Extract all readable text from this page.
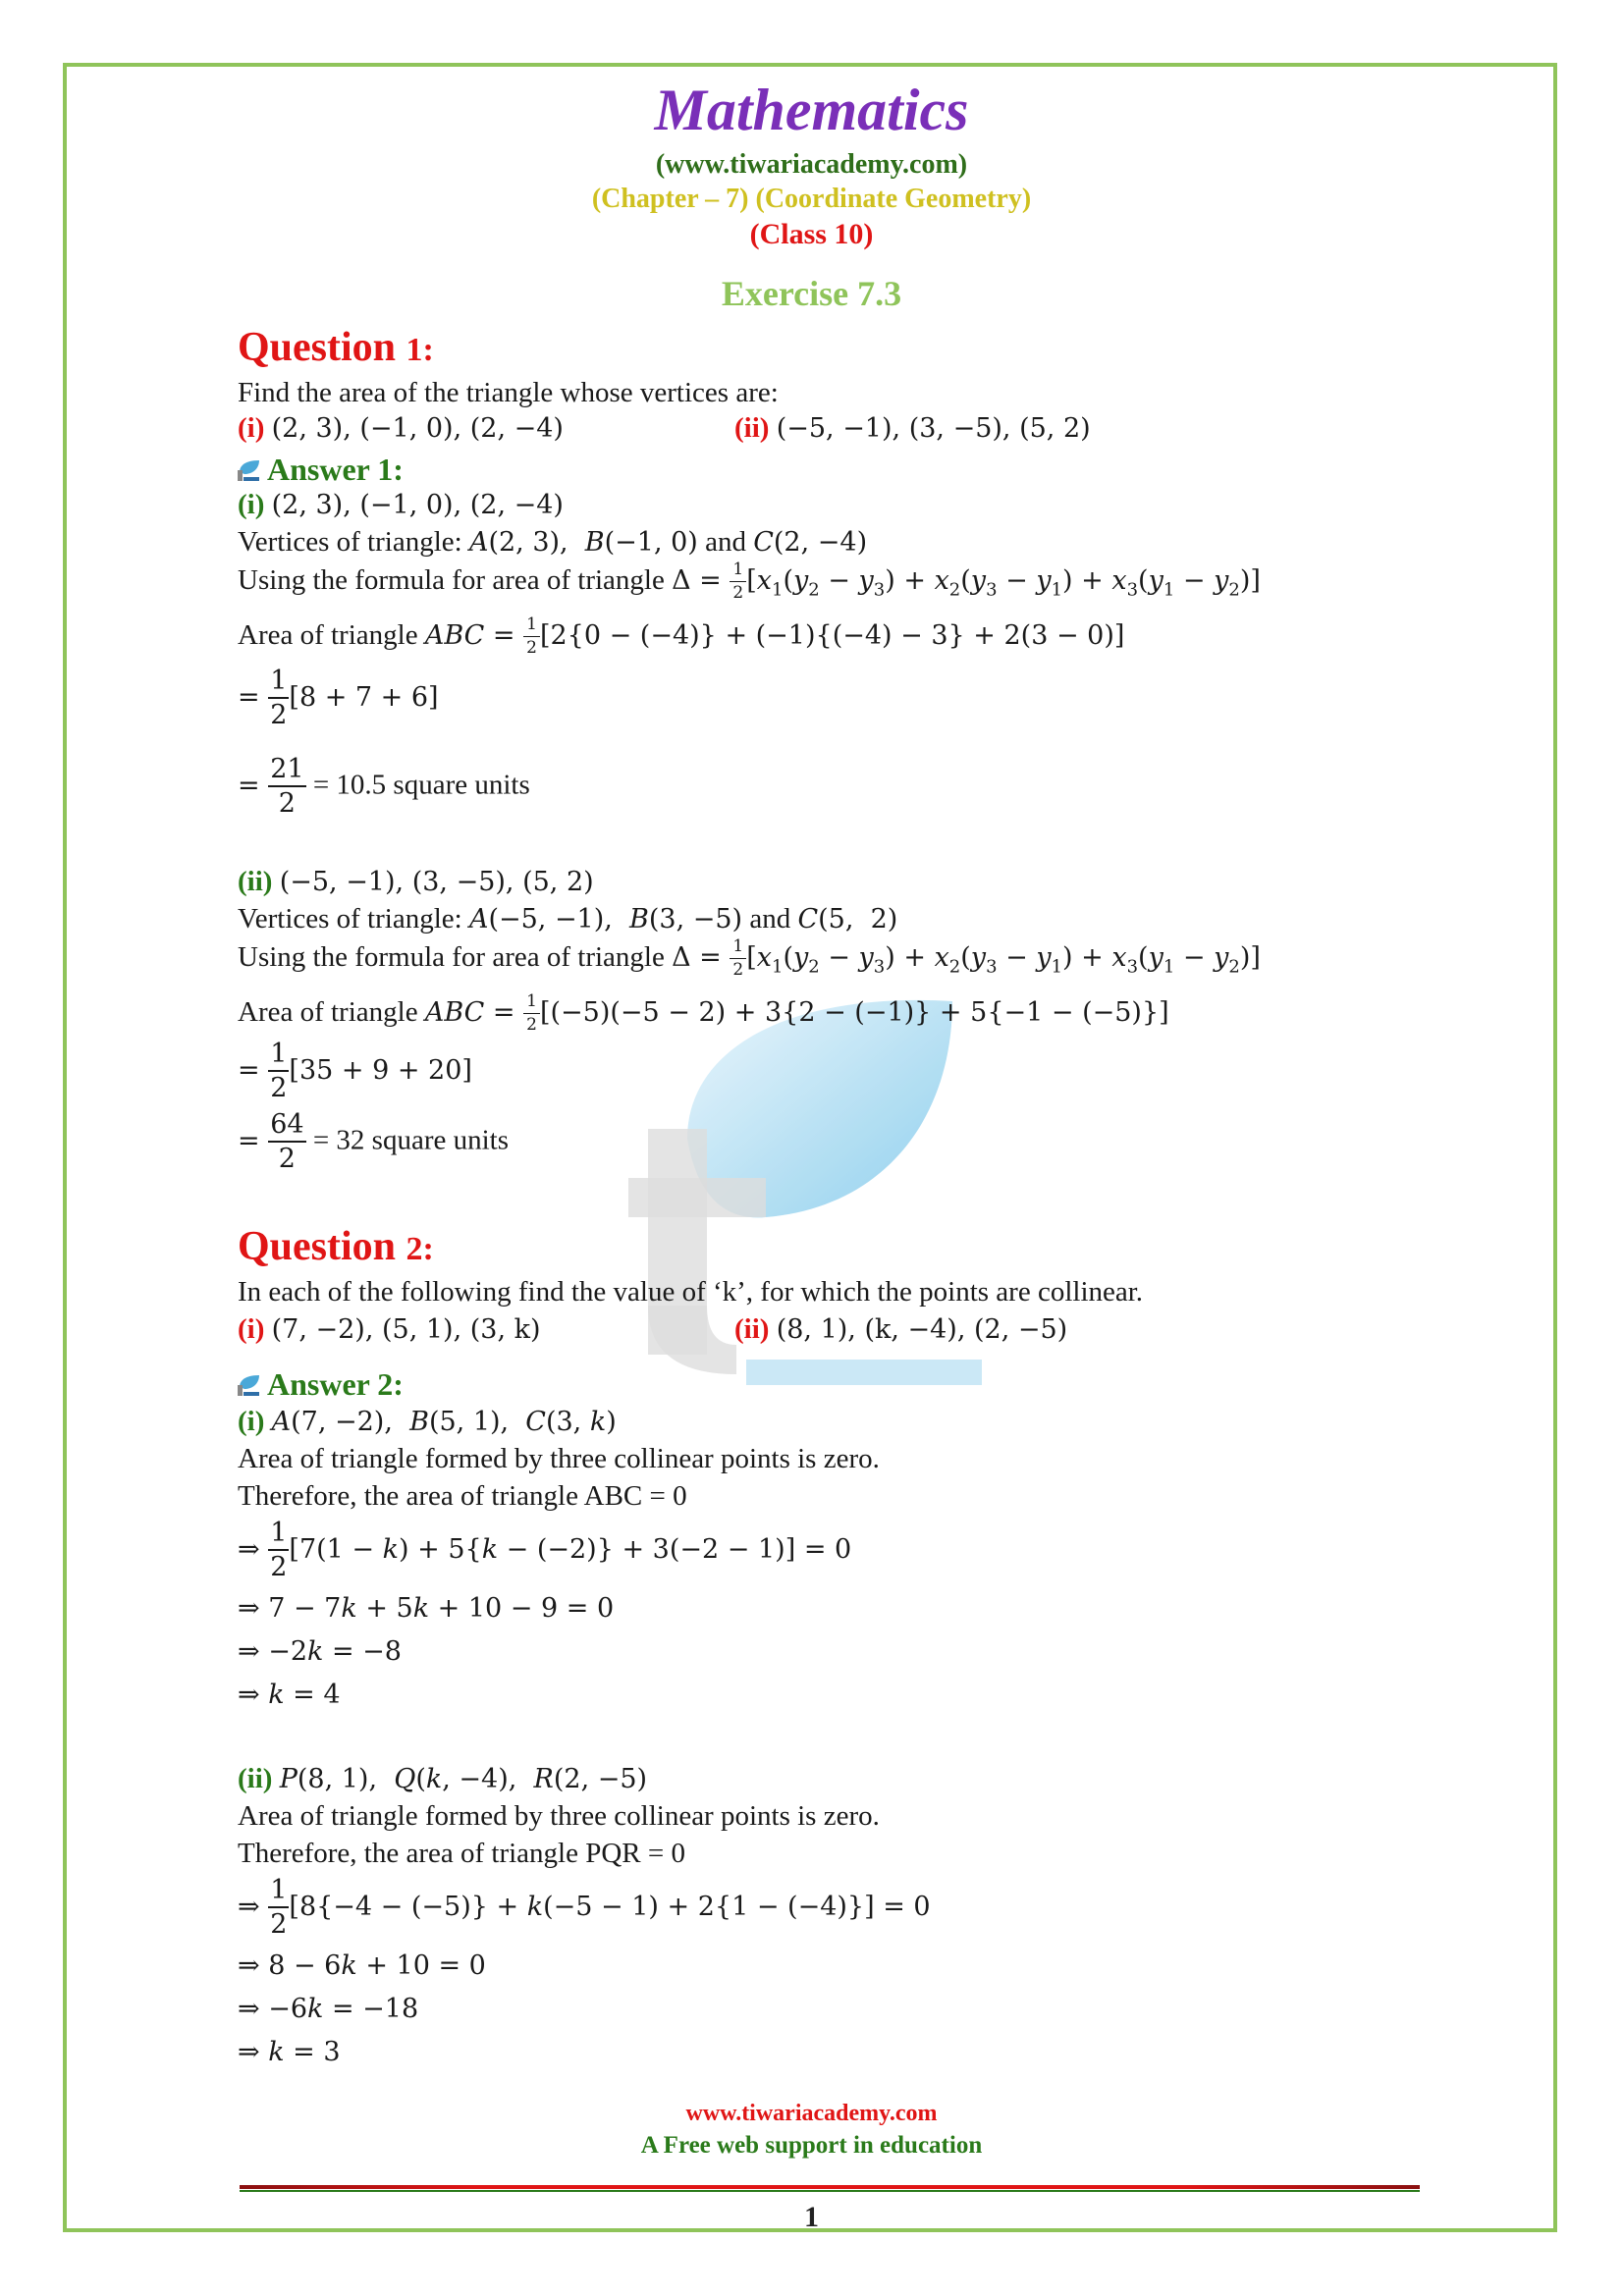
Mathematics
(www.tiwariacademy.com)
(Chapter – 7) (Coordinate Geometry)
(Class 10)
Exercise 7.3
Question 1:
Find the area of the triangle whose vertices are:
(i) (2, 3), (−1, 0), (2, −4)	(ii) (−5, −1), (3, −5), (5, 2)
Answer 1:
(i) (2, 3), (−1, 0), (2, −4)
Vertices of triangle: A(2, 3),  B(−1, 0) and C(2, −4)
Using the formula for area of triangle $\Delta = \frac{1}{2} [x_1(y_2 - y_3) + x_2(y_3 - y_1) + x_3(y_1 - y_2)]$
Area of triangle ABC = $\frac{1}{2} [2\{0 - (-4)\} + (-1)\{(-4) - 3\} + 2(3 - 0)]$
= $\frac{1}{2} [8 + 7 + 6]$
= $\frac{21}{2} = 10.5$ square units
(ii) (−5, −1), (3, −5), (5, 2)
Vertices of triangle: A(−5, −1),  B(3, −5) and C(5,  2)
Using the formula for area of triangle $\Delta = \frac{1}{2} [x_1(y_2 - y_3) + x_2(y_3 - y_1) + x_3(y_1 - y_2)]$
Area of triangle ABC = $\frac{1}{2} [(-5)(-5 - 2) + 3\{2 - (-1)\} + 5\{-1 - (-5)\}]$
= $\frac{1}{2} [35 + 9 + 20]$
= $\frac{64}{2} = 32$ square units
Question 2:
In each of the following find the value of ‘k’, for which the points are collinear.
(i) (7, −2), (5, 1), (3, k)	(ii) (8, 1), (k, −4), (2, −5)
Answer 2:
(i) A(7, −2),  B(5, 1),  C(3, k)
Area of triangle formed by three collinear points is zero.
Therefore, the area of triangle ABC = 0
⇒ $\frac{1}{2} [7(1 - k) + 5\{k - (-2)\} + 3(-2 - 1)] = 0$
⇒ 7 − 7k + 5k + 10 − 9 = 0
⇒ −2k = −8
⇒ k = 4
(ii) P(8, 1),  Q(k, −4),  R(2, −5)
Area of triangle formed by three collinear points is zero.
Therefore, the area of triangle PQR = 0
⇒ $\frac{1}{2} [8\{-4 - (-5)\} + k(-5 - 1) + 2\{1 - (-4)\}] = 0$
⇒ 8 − 6k + 10 = 0
⇒ −6k = −18
⇒ k = 3
www.tiwariacademy.com
A Free web support in education
1
